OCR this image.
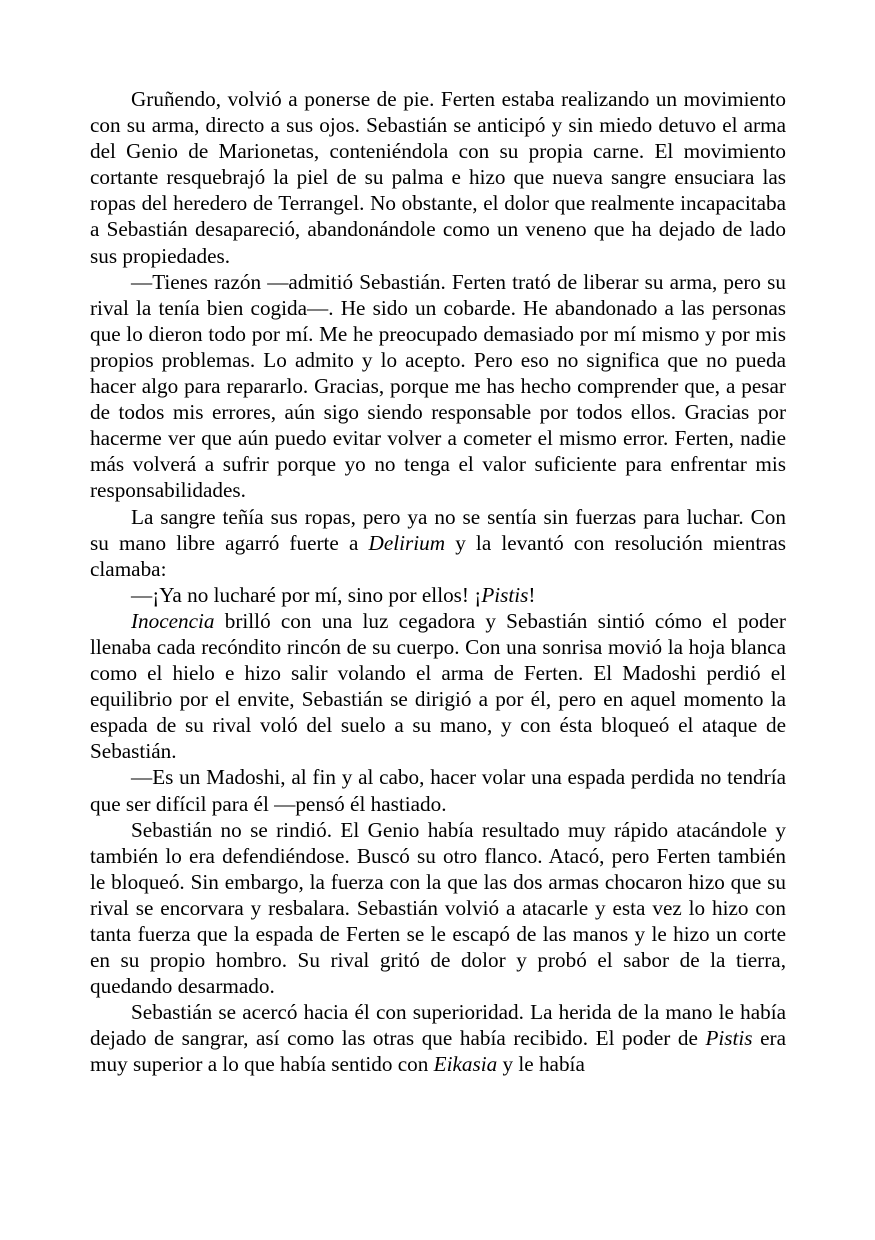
Gruñendo, volvió a ponerse de pie. Ferten estaba realizando un movimiento con su arma, directo a sus ojos. Sebastián se anticipó y sin miedo detuvo el arma del Genio de Marionetas, conteniéndola con su propia carne. El movimiento cortante resquebrajó la piel de su palma e hizo que nueva sangre ensuciara las ropas del heredero de Terrangel. No obstante, el dolor que realmente incapacitaba a Sebastián desapareció, abandonándole como un veneno que ha dejado de lado sus propiedades.

—Tienes razón —admitió Sebastián. Ferten trató de liberar su arma, pero su rival la tenía bien cogida—. He sido un cobarde. He abandonado a las personas que lo dieron todo por mí. Me he preocupado demasiado por mí mismo y por mis propios problemas. Lo admito y lo acepto. Pero eso no significa que no pueda hacer algo para repararlo. Gracias, porque me has hecho comprender que, a pesar de todos mis errores, aún sigo siendo responsable por todos ellos. Gracias por hacerme ver que aún puedo evitar volver a cometer el mismo error. Ferten, nadie más volverá a sufrir porque yo no tenga el valor suficiente para enfrentar mis responsabilidades.

La sangre teñía sus ropas, pero ya no se sentía sin fuerzas para luchar. Con su mano libre agarró fuerte a Delirium y la levantó con resolución mientras clamaba:

—¡Ya no lucharé por mí, sino por ellos! ¡Pistis!

Inocencia brilló con una luz cegadora y Sebastián sintió cómo el poder llenaba cada recóndito rincón de su cuerpo. Con una sonrisa movió la hoja blanca como el hielo e hizo salir volando el arma de Ferten. El Madoshi perdió el equilibrio por el envite, Sebastián se dirigió a por él, pero en aquel momento la espada de su rival voló del suelo a su mano, y con ésta bloqueó el ataque de Sebastián.

—Es un Madoshi, al fin y al cabo, hacer volar una espada perdida no tendría que ser difícil para él —pensó él hastiado.

Sebastián no se rindió. El Genio había resultado muy rápido atacándole y también lo era defendiéndose. Buscó su otro flanco. Atacó, pero Ferten también le bloqueó. Sin embargo, la fuerza con la que las dos armas chocaron hizo que su rival se encorvara y resbalara. Sebastián volvió a atacarle y esta vez lo hizo con tanta fuerza que la espada de Ferten se le escapó de las manos y le hizo un corte en su propio hombro. Su rival gritó de dolor y probó el sabor de la tierra, quedando desarmado.

Sebastián se acercó hacia él con superioridad. La herida de la mano le había dejado de sangrar, así como las otras que había recibido. El poder de Pistis era muy superior a lo que había sentido con Eikasia y le había
